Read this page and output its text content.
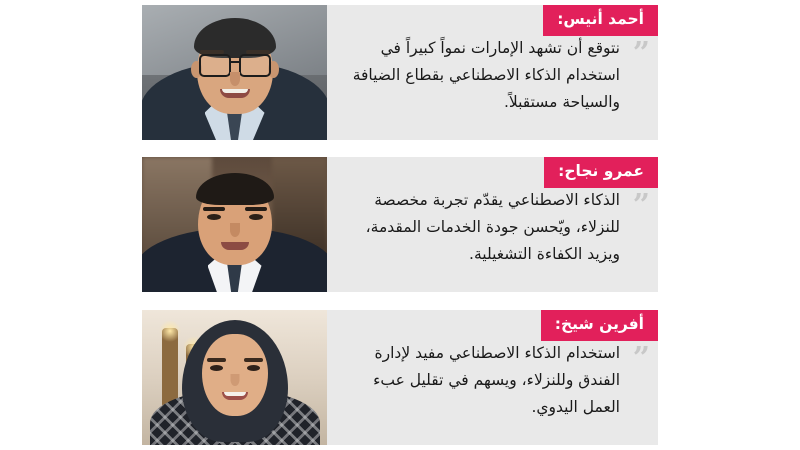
أحمد أنيس:
”
نتوقع أن تشهد الإمارات نمواً كبيراً في استخدام الذكاء الاصطناعي بقطاع الضيافة والسياحة مستقبلاً.
عمرو نجاح:
”
الذكاء الاصطناعي يقدّم تجربة مخصصة للنزلاء، ويّحسن جودة الخدمات المقدمة، ويزيد الكفاءة التشغيلية.
أفرين شيخ:
”
استخدام الذكاء الاصطناعي مفيد لإدارة الفندق وللنزلاء، ويسهم في تقليل عبء العمل اليدوي.
